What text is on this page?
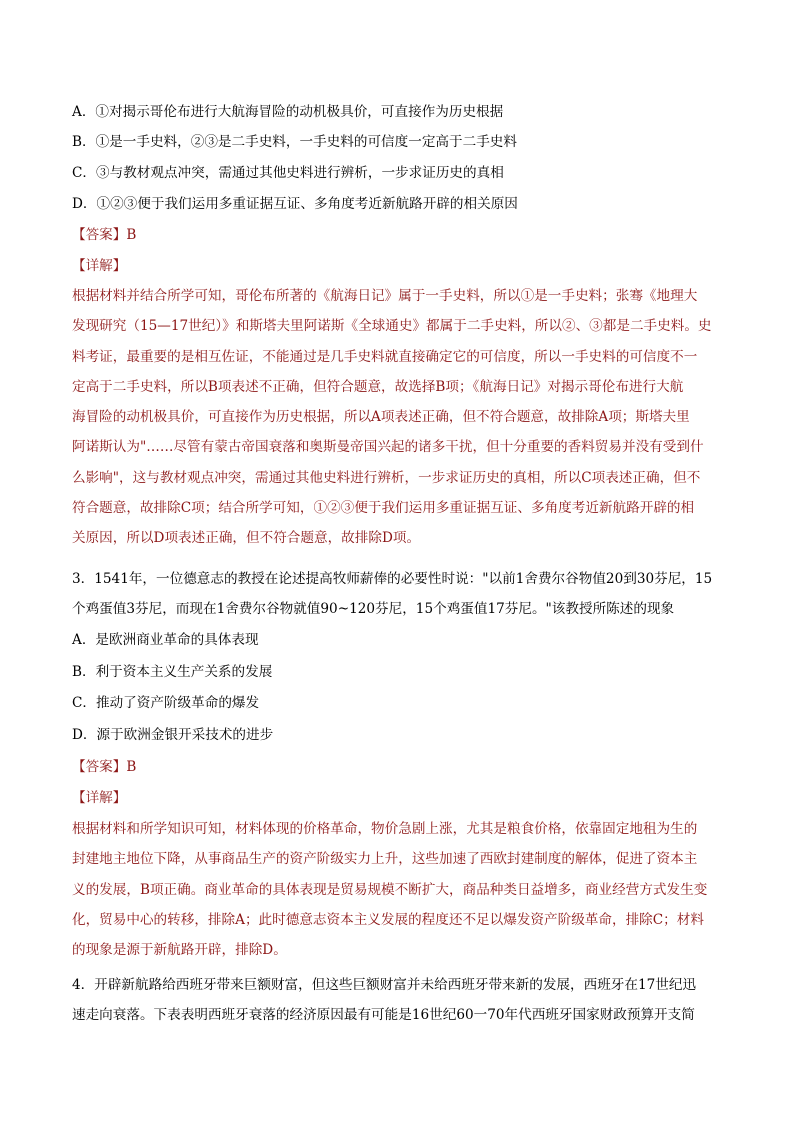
A．①对揭示哥伦布进行大航海冒险的动机极具价，可直接作为历史根据
B．①是一手史料，②③是二手史料，一手史料的可信度一定高于二手史料
C．③与教材观点冲突，需通过其他史料进行辨析，一步求证历史的真相
D．①②③便于我们运用多重证据互证、多角度考近新航路开辟的相关原因
【答案】B
【详解】
根据材料并结合所学可知，哥伦布所著的《航海日记》属于一手史料，所以①是一手史料；张骞《地理大
发现研究（15—17世纪）》和斯塔夫里阿诺斯《全球通史》都属于二手史料，所以②、③都是二手史料。史
料考证，最重要的是相互佐证，不能通过是几手史料就直接确定它的可信度，所以一手史料的可信度不一
定高于二手史料，所以B项表述不正确，但符合题意，故选择B项；《航海日记》对揭示哥伦布进行大航
海冒险的动机极具价，可直接作为历史根据，所以A项表述正确，但不符合题意，故排除A项；斯塔夫里
阿诺斯认为"……尽管有蒙古帝国衰落和奥斯曼帝国兴起的诸多干扰，但十分重要的香料贸易并没有受到什
么影响"，这与教材观点冲突，需通过其他史料进行辨析，一步求证历史的真相，所以C项表述正确，但不
符合题意，故排除C项；结合所学可知，①②③便于我们运用多重证据互证、多角度考近新航路开辟的相
关原因，所以D项表述正确，但不符合题意，故排除D项。
3．1541年，一位德意志的教授在论述提高牧师薪俸的必要性时说："以前1舍费尔谷物值20到30芬尼，15
个鸡蛋值3芬尼，而现在1舍费尔谷物就值90~120芬尼，15个鸡蛋值17芬尼。"该教授所陈述的现象
A．是欧洲商业革命的具体表现
B．利于资本主义生产关系的发展
C．推动了资产阶级革命的爆发
D．源于欧洲金银开采技术的进步
【答案】B
【详解】
根据材料和所学知识可知，材料体现的价格革命，物价急剧上涨，尤其是粮食价格，依靠固定地租为生的
封建地主地位下降，从事商品生产的资产阶级实力上升，这些加速了西欧封建制度的解体，促进了资本主
义的发展，B项正确。商业革命的具体表现是贸易规模不断扩大，商品种类日益增多，商业经营方式发生变
化，贸易中心的转移，排除A；此时德意志资本主义发展的程度还不足以爆发资产阶级革命，排除C；材料
的现象是源于新航路开辟，排除D。
4．开辟新航路给西班牙带来巨额财富，但这些巨额财富并未给西班牙带来新的发展，西班牙在17世纪迅
速走向衰落。下表表明西班牙衰落的经济原因最有可能是16世纪60一70年代西班牙国家财政预算开支简
